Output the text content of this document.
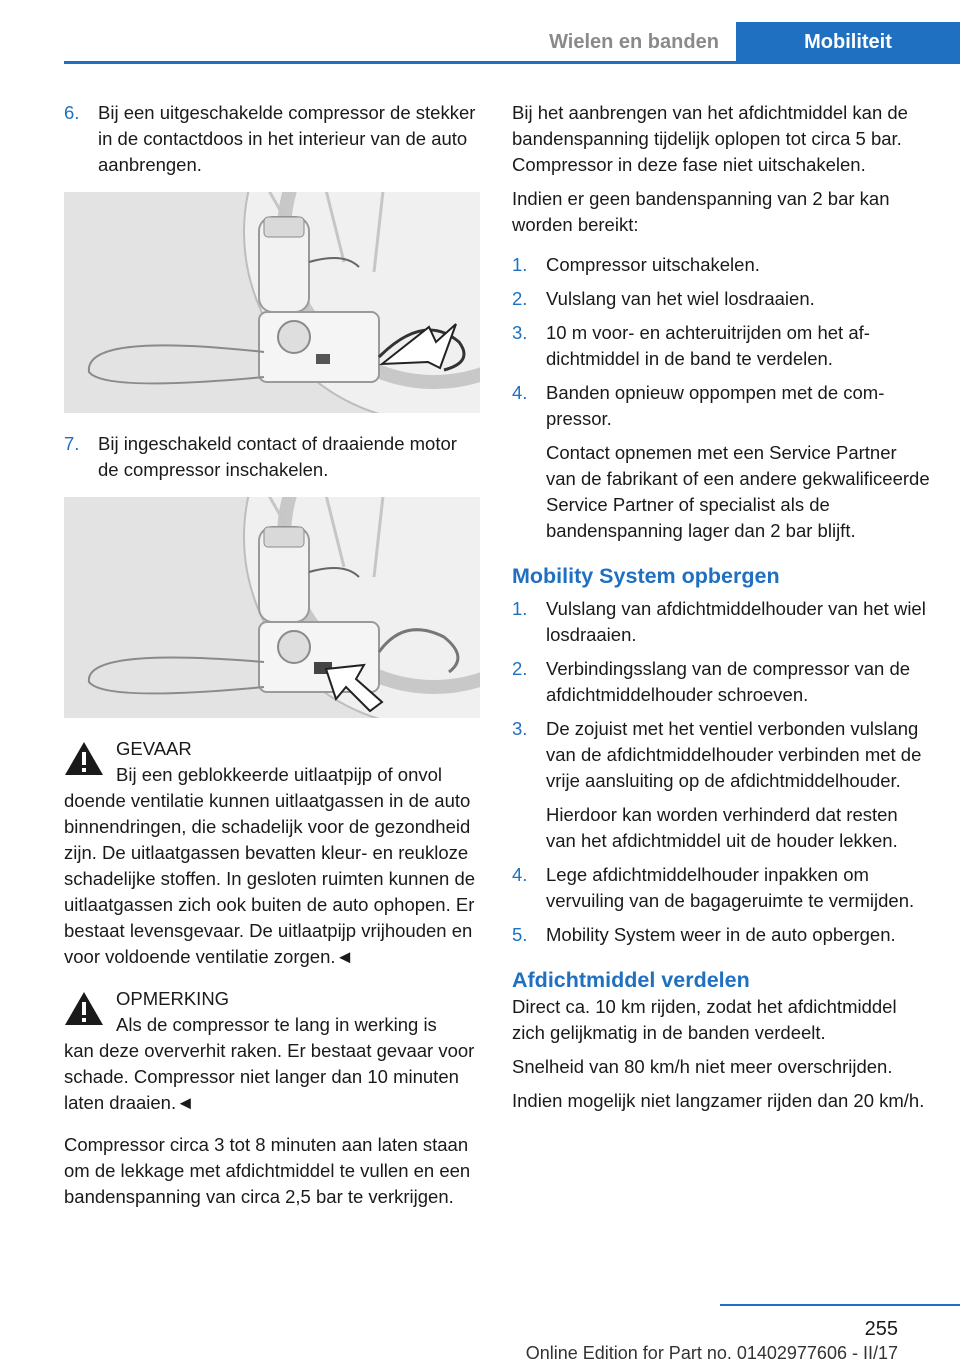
Wielen en banden	Mobiliteit
6.	Bij een uitgeschakelde compressor de stekker in de contactdoos in het interieur van de auto aanbrengen.
7.	Bij ingeschakeld contact of draaiende motor de compressor inschakelen.
GEVAAR
Bij een geblokkeerde uitlaatpijp of onvol
doende ventilatie kunnen uitlaatgassen in de auto binnendringen, die schadelijk voor de gezondheid zijn. De uitlaatgassen bevatten kleur- en reukloze schadelijke stoffen. In gesloten ruimten kunnen de uitlaatgassen zich ook buiten de auto ophopen. Er bestaat levensgevaar. De uitlaatpijp vrijhouden en voor voldoende ventilatie zorgen.◄
OPMERKING
Als de compressor te lang in werking is
kan deze oververhit raken. Er bestaat gevaar voor schade. Compressor niet langer dan 10 minuten laten draaien.◄

Compressor circa 3 tot 8 minuten aan laten staan om de lekkage met afdichtmiddel te vullen en een bandenspanning van circa 2,5 bar te verkrijgen.

Bij het aanbrengen van het afdichtmiddel kan de bandenspanning tijdelijk oplopen tot circa 5 bar. Compressor in deze fase niet uitschakelen.

Indien er geen bandenspanning van 2 bar kan worden bereikt:

1.	Compressor uitschakelen.
2.	Vulslang van het wiel losdraaien.
3.	10 m voor- en achteruitrijden om het afdichtmiddel in de band te verdelen.
4.	Banden opnieuw oppompen met de compressor.
Contact opnemen met een Service Partner van de fabrikant of een andere gekwalificeerde Service Partner of specialist als de bandenspanning lager dan 2 bar blijft.
Mobility System opbergen
1.	Vulslang van afdichtmiddelhouder van het wiel losdraaien.
2.	Verbindingsslang van de compressor van de afdichtmiddelhouder schroeven.
3.	De zojuist met het ventiel verbonden vulslang van de afdichtmiddelhouder verbinden met de vrije aansluiting op de afdichtmiddelhouder.
Hierdoor kan worden verhinderd dat resten van het afdichtmiddel uit de houder lekken.
4.	Lege afdichtmiddelhouder inpakken om vervuiling van de bagageruimte te vermijden.
5.	Mobility System weer in de auto opbergen.
Afdichtmiddel verdelen

Direct ca. 10 km rijden, zodat het afdichtmiddel zich gelijkmatig in de banden verdeelt.

Snelheid van 80 km/h niet meer overschrijden.

Indien mogelijk niet langzamer rijden dan 20 km/h.

255
Online Edition for Part no. 01402977606 - II/17
